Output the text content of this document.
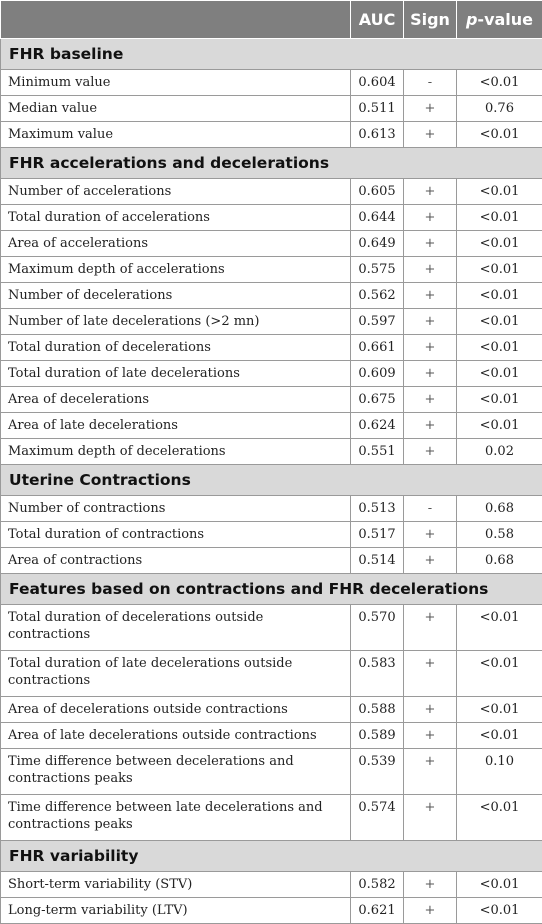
	AUC	Sign	p-value
FHR baseline			
Minimum value	0.604	-	<0.01
Median value	0.511	+	0.76
Maximum value	0.613	+	<0.01
FHR accelerations and decelerations			
Number of accelerations	0.605	+	<0.01
Total duration of accelerations	0.644	+	<0.01
Area of accelerations	0.649	+	<0.01
Maximum depth of accelerations	0.575	+	<0.01
Number of decelerations	0.562	+	<0.01
Number of late decelerations (>2 mn)	0.597	+	<0.01
Total duration of decelerations	0.661	+	<0.01
Total duration of late decelerations	0.609	+	<0.01
Area of decelerations	0.675	+	<0.01
Area of late decelerations	0.624	+	<0.01
Maximum depth of decelerations	0.551	+	0.02
Uterine Contractions			
Number of contractions	0.513	-	0.68
Total duration of contractions	0.517	+	0.58
Area of contractions	0.514	+	0.68
Features based on contractions and FHR decelerations			
Total duration of decelerations outside contractions	0.570	+	<0.01
Total duration of late decelerations outside contractions	0.583	+	<0.01
Area of decelerations outside contractions	0.588	+	<0.01
Area of late decelerations outside contractions	0.589	+	<0.01
Time difference between decelerations and contractions peaks	0.539	+	0.10
Time difference between late decelerations and contractions peaks	0.574	+	<0.01
FHR variability			
Short-term variability (STV)	0.582	+	<0.01
Long-term variability (LTV)	0.621	+	<0.01
